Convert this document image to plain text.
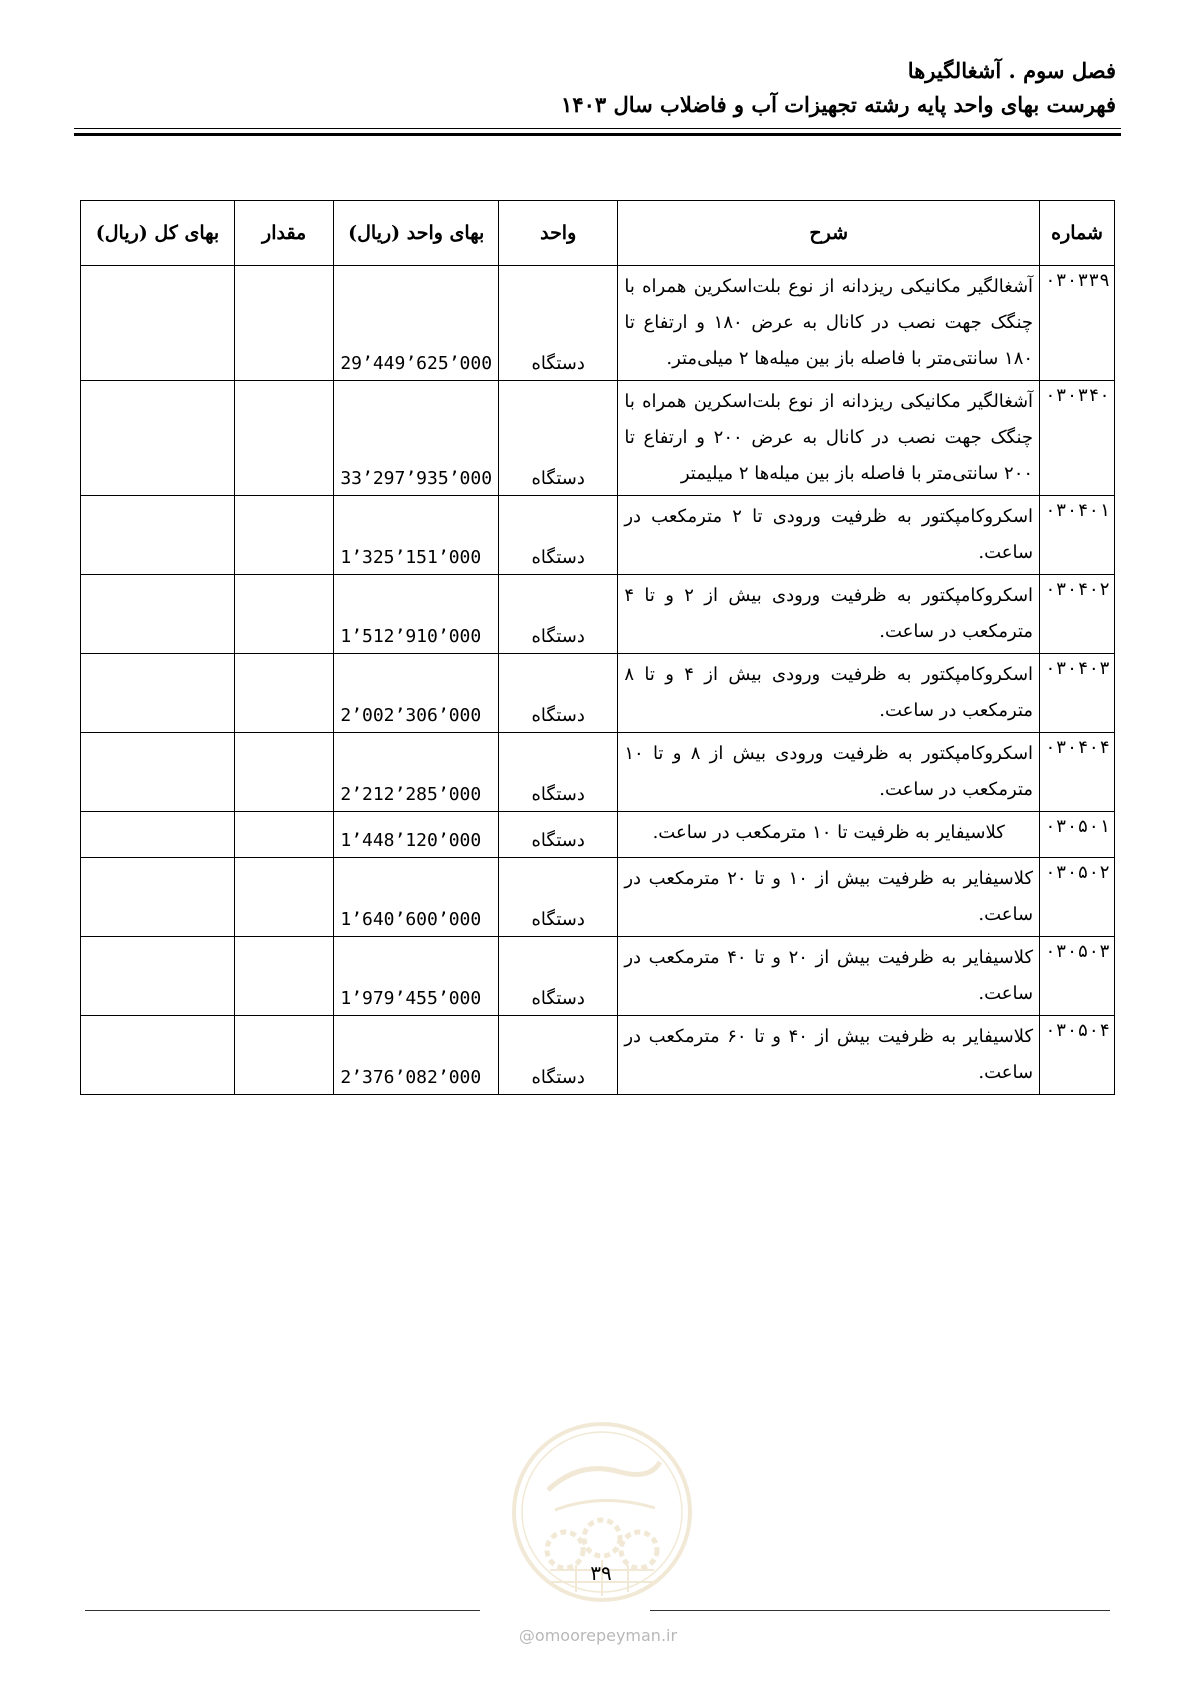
فصل سوم . آشغالگیرها
فهرست بهای واحد پایه رشته تجهیزات آب و فاضلاب سال ۱۴۰۳
شماره	شرح	واحد	بهای واحد (ریال)	مقدار	بهای کل (ریال)
۰۳۰۳۳۹	آشغالگیر مکانیکی ریزدانه از نوع بلت‌اسکرین همراه با چنگک جهت نصب در کانال به عرض ۱۸۰ و ارتفاع تا ۱۸۰ سانتی‌متر با فاصله باز بین میله‌ها ۲ میلی‌متر.	دستگاه	29’449’625’000		
۰۳۰۳۴۰	آشغالگیر مکانیکی ریزدانه از نوع بلت‌اسکرین همراه با چنگک جهت نصب در کانال به عرض ۲۰۰ و ارتفاع تا ۲۰۰ سانتی‌متر با فاصله باز بین میله‌ها ۲ میلیمتر	دستگاه	33’297’935’000		
۰۳۰۴۰۱	اسکروکامپکتور به ظرفیت ورودی تا ۲ مترمکعب در ساعت.	دستگاه	1’325’151’000		
۰۳۰۴۰۲	اسکروکامپکتور به ظرفیت ورودی بیش از ۲ و تا ۴ مترمکعب در ساعت.	دستگاه	1’512’910’000		
۰۳۰۴۰۳	اسکروکامپکتور به ظرفیت ورودی بیش از ۴ و تا ۸ مترمکعب در ساعت.	دستگاه	2’002’306’000		
۰۳۰۴۰۴	اسکروکامپکتور به ظرفیت ورودی بیش از ۸ و تا ۱۰ مترمکعب در ساعت.	دستگاه	2’212’285’000		
۰۳۰۵۰۱	کلاسیفایر به ظرفیت تا ۱۰ مترمکعب در ساعت.	دستگاه	1’448’120’000		
۰۳۰۵۰۲	کلاسیفایر به ظرفیت بیش از ۱۰ و تا ۲۰ مترمکعب در ساعت.	دستگاه	1’640’600’000		
۰۳۰۵۰۳	کلاسیفایر به ظرفیت بیش از ۲۰ و تا ۴۰ مترمکعب در ساعت.	دستگاه	1’979’455’000		
۰۳۰۵۰۴	کلاسیفایر به ظرفیت بیش از ۴۰ و تا ۶۰ مترمکعب در ساعت.	دستگاه	2’376’082’000		
۳۹
@omoorepeyman.ir
